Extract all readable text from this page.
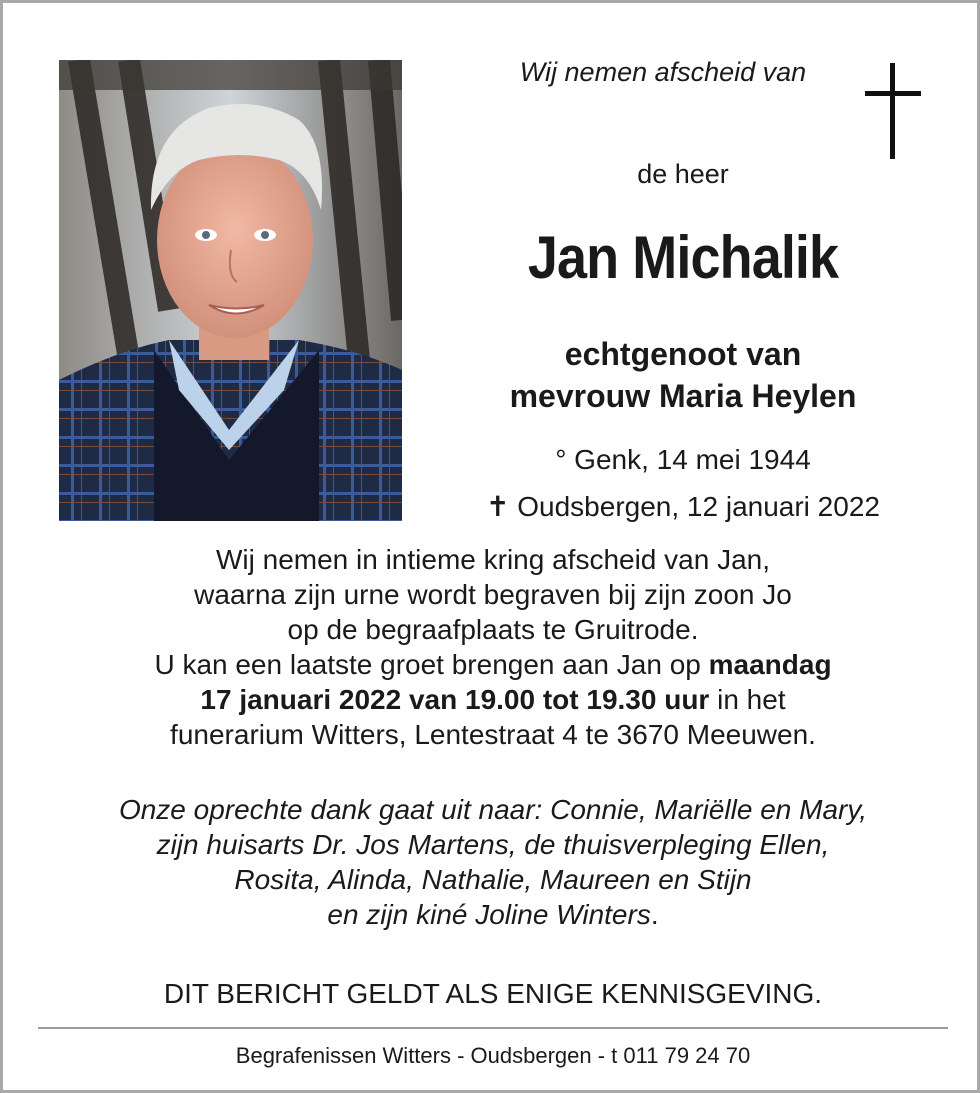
Wij nemen afscheid van
de heer
Jan Michalik
echtgenoot van
mevrouw Maria Heylen
° Genk, 14 mei 1944
✝ Oudsbergen, 12 januari 2022
Wij nemen in intieme kring afscheid van Jan,
waarna zijn urne wordt begraven bij zijn zoon Jo
op de begraafplaats te Gruitrode.
U kan een laatste groet brengen aan Jan op maandag
17 januari 2022 van 19.00 tot 19.30 uur in het
funerarium Witters, Lentestraat 4 te 3670 Meeuwen.
Onze oprechte dank gaat uit naar: Connie, Mariëlle en Mary,
zijn huisarts Dr. Jos Martens, de thuisverpleging Ellen,
Rosita, Alinda, Nathalie, Maureen en Stijn
en zijn kiné Joline Winters.
DIT BERICHT GELDT ALS ENIGE KENNISGEVING.
Begrafenissen Witters - Oudsbergen - t 011 79 24 70
